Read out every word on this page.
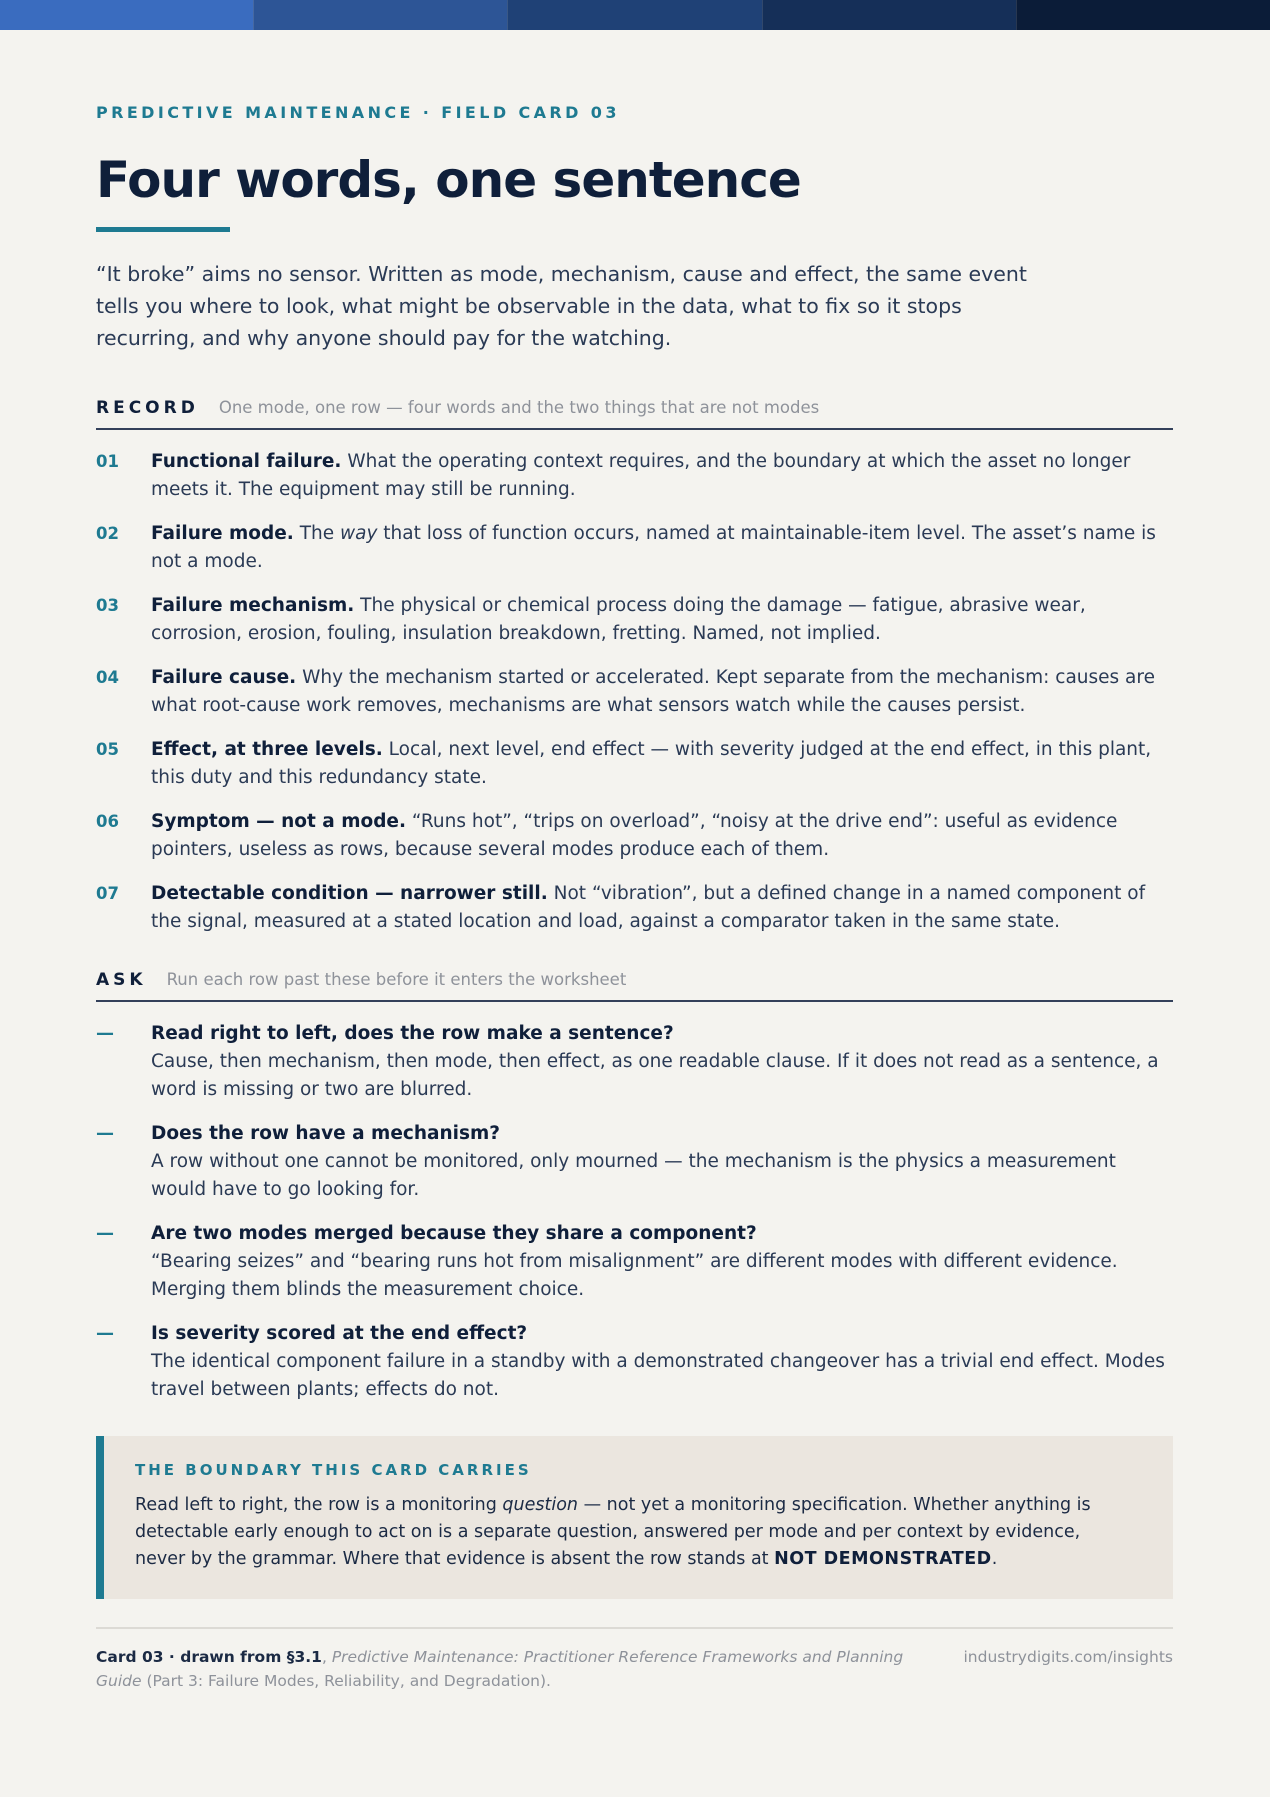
PREDICTIVE MAINTENANCE · FIELD CARD 03
Four words, one sentence

“It broke” aims no sensor. Written as mode, mechanism, cause and effect, the same event tells you where to look, what might be observable in the data, what to fix so it stops recurring, and why anyone should pay for the watching.

RECORD One mode, one row — four words and the two things that are not modes
01	Functional failure. What the operating context requires, and the boundary at which the asset no longer meets it. The equipment may still be running.
02	Failure mode. The way that loss of function occurs, named at maintainable-item level. The asset’s name is not a mode.
03	Failure mechanism. The physical or chemical process doing the damage — fatigue, abrasive wear, corrosion, erosion, fouling, insulation breakdown, fretting. Named, not implied.
04	Failure cause. Why the mechanism started or accelerated. Kept separate from the mechanism: causes are what root-cause work removes, mechanisms are what sensors watch while the causes persist.
05	Effect, at three levels. Local, next level, end effect — with severity judged at the end effect, in this plant, this duty and this redundancy state.
06	Symptom — not a mode. “Runs hot”, “trips on overload”, “noisy at the drive end”: useful as evidence pointers, useless as rows, because several modes produce each of them.
07	Detectable condition — narrower still. Not “vibration”, but a defined change in a named component of the signal, measured at a stated location and load, against a comparator taken in the same state.
ASK Run each row past these before it enters the worksheet
—	Read right to left, does the row make a sentence?
Cause, then mechanism, then mode, then effect, as one readable clause. If it does not read as a sentence, a word is missing or two are blurred.
—	Does the row have a mechanism?
A row without one cannot be monitored, only mourned — the mechanism is the physics a measurement would have to go looking for.
—	Are two modes merged because they share a component?
“Bearing seizes” and “bearing runs hot from misalignment” are different modes with different evidence. Merging them blinds the measurement choice.
—	Is severity scored at the end effect?
The identical component failure in a standby with a demonstrated changeover has a trivial end effect. Modes travel between plants; effects do not.
THE BOUNDARY THIS CARD CARRIES

Read left to right, the row is a monitoring question — not yet a monitoring specification. Whether anything is detectable early enough to act on is a separate question, answered per mode and per context by evidence, never by the grammar. Where that evidence is absent the row stands at NOT DEMONSTRATED.

Card 03 · drawn from §3.1, Predictive Maintenance: Practitioner Reference Frameworks and Planning Guide (Part 3: Failure Modes, Reliability, and Degradation).

industrydigits.com/insights
